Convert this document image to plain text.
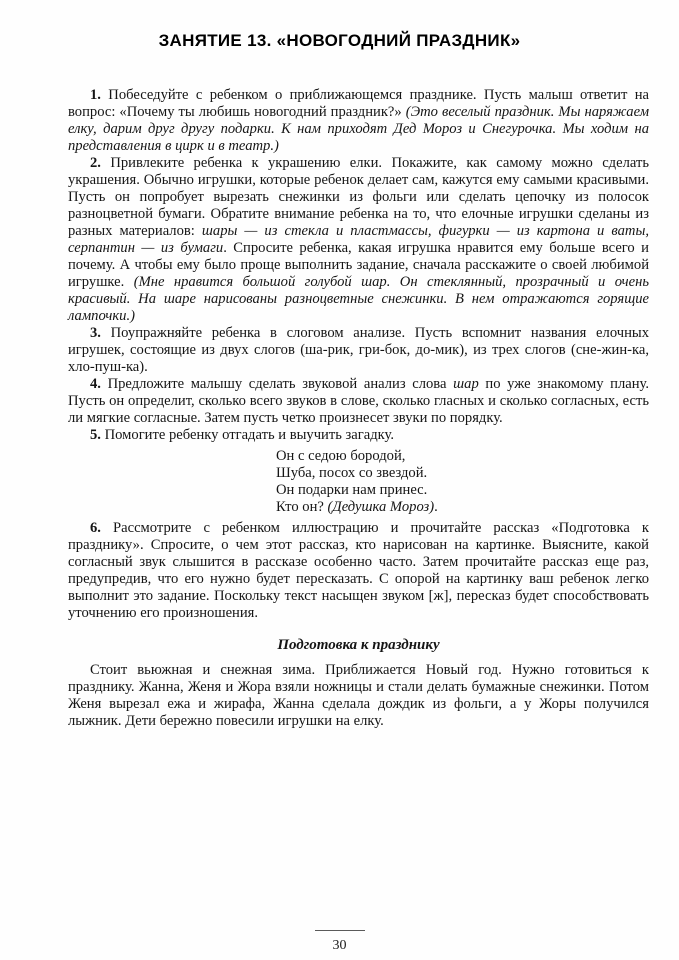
ЗАНЯТИЕ 13. «НОВОГОДНИЙ ПРАЗДНИК»

1. Побеседуйте с ребенком о приближающемся празднике. Пусть малыш ответит на вопрос: «Почему ты любишь новогодний праздник?» (Это веселый праздник. Мы наряжаем елку, дарим друг другу подарки. К нам приходят Дед Мороз и Снегурочка. Мы ходим на представления в цирк и в театр.)

2. Привлеките ребенка к украшению елки. Покажите, как самому можно сделать украшения. Обычно игрушки, которые ребенок делает сам, кажутся ему самыми красивыми. Пусть он попробует вырезать снежинки из фольги или сделать цепочку из полосок разноцветной бумаги. Обратите внимание ребенка на то, что елочные игрушки сделаны из разных материалов: шары — из стекла и пластмассы, фигурки — из картона и ваты, серпантин — из бумаги. Спросите ребенка, какая игрушка нравится ему больше всего и почему. А чтобы ему было проще выполнить задание, сначала расскажите о своей любимой игрушке. (Мне нравится большой голубой шар. Он стеклянный, прозрачный и очень красивый. На шаре нарисованы разноцветные снежинки. В нем отражаются горящие лампочки.)

3. Поупражняйте ребенка в слоговом анализе. Пусть вспомнит названия елочных игрушек, состоящие из двух слогов (ша-рик, гри-бок, до-мик), из трех слогов (сне-жин-ка, хло-пуш-ка).

4. Предложите малышу сделать звуковой анализ слова шар по уже знакомому плану. Пусть он определит, сколько всего звуков в слове, сколько гласных и сколько согласных, есть ли мягкие согласные. Затем пусть четко произнесет звуки по порядку.

5. Помогите ребенку отгадать и выучить загадку.

Он с седою бородой,

Шуба, посох со звездой.

Он подарки нам принес.

Кто он? (Дедушка Мороз).

6. Рассмотрите с ребенком иллюстрацию и прочитайте рассказ «Подготовка к празднику». Спросите, о чем этот рассказ, кто нарисован на картинке. Выясните, какой согласный звук слышится в рассказе особенно часто. Затем прочитайте рассказ еще раз, предупредив, что его нужно будет пересказать. С опорой на картинку ваш ребенок легко выполнит это задание. Поскольку текст насыщен звуком [ж], пересказ будет способствовать уточнению его произношения.

Подготовка к празднику

Стоит вьюжная и снежная зима. Приближается Новый год. Нужно готовиться к празднику. Жанна, Женя и Жора взяли ножницы и стали делать бумажные снежинки. Потом Женя вырезал ежа и жирафа, Жанна сделала дождик из фольги, а у Жоры получился лыжник. Дети бережно повесили игрушки на елку.

30
